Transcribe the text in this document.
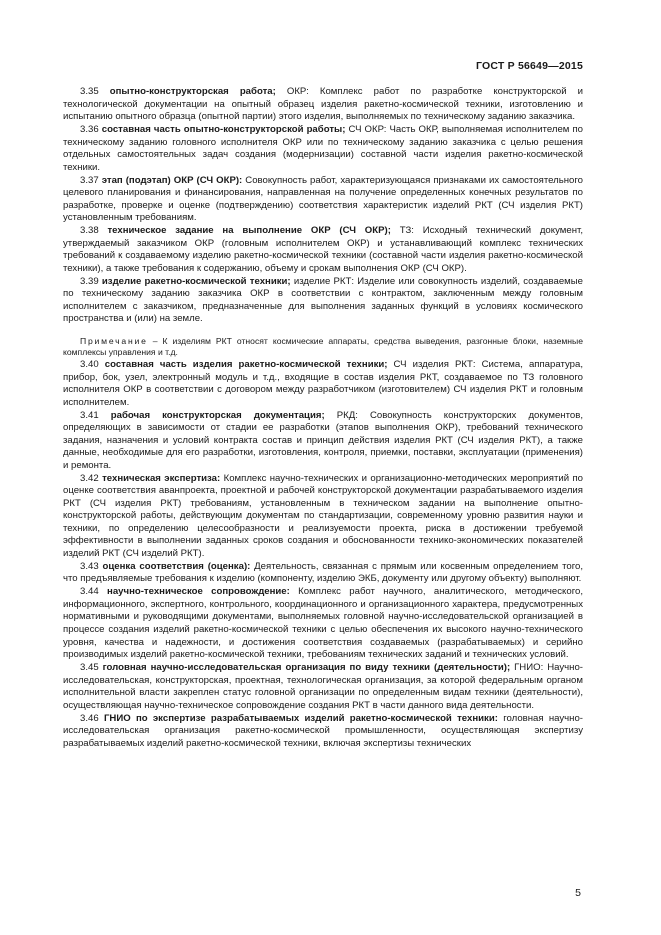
ГОСТ Р 56649—2015

3.35 опытно-конструкторская работа; ОКР: Комплекс работ по разработке конструкторской и технологической документации на опытный образец изделия ракетно-космической техники, изготовлению и испытанию опытного образца (опытной партии) этого изделия, выполняемых по техническому заданию заказчика.

3.36 составная часть опытно-конструкторской работы; СЧ ОКР: Часть ОКР, выполняемая исполнителем по техническому заданию головного исполнителя ОКР или по техническому заданию заказчика с целью решения отдельных самостоятельных задач создания (модернизации) составной части изделия ракетно-космической техники.

3.37 этап (подэтап) ОКР (СЧ ОКР): Совокупность работ, характеризующаяся признаками их самостоятельного целевого планирования и финансирования, направленная на получение определенных конечных результатов по разработке, проверке и оценке (подтверждению) соответствия характеристик изделий РКТ (СЧ изделия РКТ) установленным требованиям.

3.38 техническое задание на выполнение ОКР (СЧ ОКР); ТЗ: Исходный технический документ, утверждаемый заказчиком ОКР (головным исполнителем ОКР) и устанавливающий комплекс технических требований к создаваемому изделию ракетно-космической техники (составной части изделия ракетно-космической техники), а также требования к содержанию, объему и срокам выполнения ОКР (СЧ ОКР).

3.39 изделие ракетно-космической техники; изделие РКТ: Изделие или совокупность изделий, создаваемые по техническому заданию заказчика ОКР в соответствии с контрактом, заключенным между головным исполнителем с заказчиком, предназначенные для выполнения заданных функций в условиях космического пространства и (или) на земле.

Примечание – К изделиям РКТ относят космические аппараты, средства выведения, разгонные блоки, наземные комплексы управления и т.д.

3.40 составная часть изделия ракетно-космической техники; СЧ изделия РКТ: Система, аппаратура, прибор, бок, узел, электронный модуль и т.д., входящие в состав изделия РКТ, создаваемое по ТЗ головного исполнителя ОКР в соответствии с договором между разработчиком (изготовителем) СЧ изделия РКТ и головным исполнителем.

3.41 рабочая конструкторская документация; РКД: Совокупность конструкторских документов, определяющих в зависимости от стадии ее разработки (этапов выполнения ОКР), требований технического задания, назначения и условий контракта состав и принцип действия изделия РКТ (СЧ изделия РКТ), а также данные, необходимые для его разработки, изготовления, контроля, приемки, поставки, эксплуатации (применения) и ремонта.

3.42 техническая экспертиза: Комплекс научно-технических и организационно-методических мероприятий по оценке соответствия аванпроекта, проектной и рабочей конструкторской документации разрабатываемого изделия РКТ (СЧ изделия РКТ) требованиям, установленным в техническом задании на выполнение опытно-конструкторской работы, действующим документам по стандартизации, современному уровню развития науки и техники, по определению целесообразности и реализуемости проекта, риска в достижении требуемой эффективности в выполнении заданных сроков создания и обоснованности технико-экономических показателей изделий РКТ (СЧ изделий РКТ).

3.43 оценка соответствия (оценка): Деятельность, связанная с прямым или косвенным определением того, что предъявляемые требования к изделию (компоненту, изделию ЭКБ, документу или другому объекту) выполняют.

3.44 научно-техническое сопровождение: Комплекс работ научного, аналитического, методического, информационного, экспертного, контрольного, координационного и организационного характера, предусмотренных нормативными и руководящими документами, выполняемых головной научно-исследовательской организацией в процессе создания изделий ракетно-космической техники с целью обеспечения их высокого научно-технического уровня, качества и надежности, и достижения соответствия создаваемых (разрабатываемых) и серийно производимых изделий ракетно-космической техники, требованиям технических заданий и технических условий.

3.45 головная научно-исследовательская организация по виду техники (деятельности); ГНИО: Научно-исследовательская, конструкторская, проектная, технологическая организация, за которой федеральным органом исполнительной власти закреплен статус головной организации по определенным видам техники (деятельности), осуществляющая научно-техническое сопровождение создания РКТ в части данного вида деятельности.

3.46 ГНИО по экспертизе разрабатываемых изделий ракетно-космической техники: головная научно-исследовательская организация ракетно-космической промышленности, осуществляющая экспертизу разрабатываемых изделий ракетно-космической техники, включая экспертизы технических

5
